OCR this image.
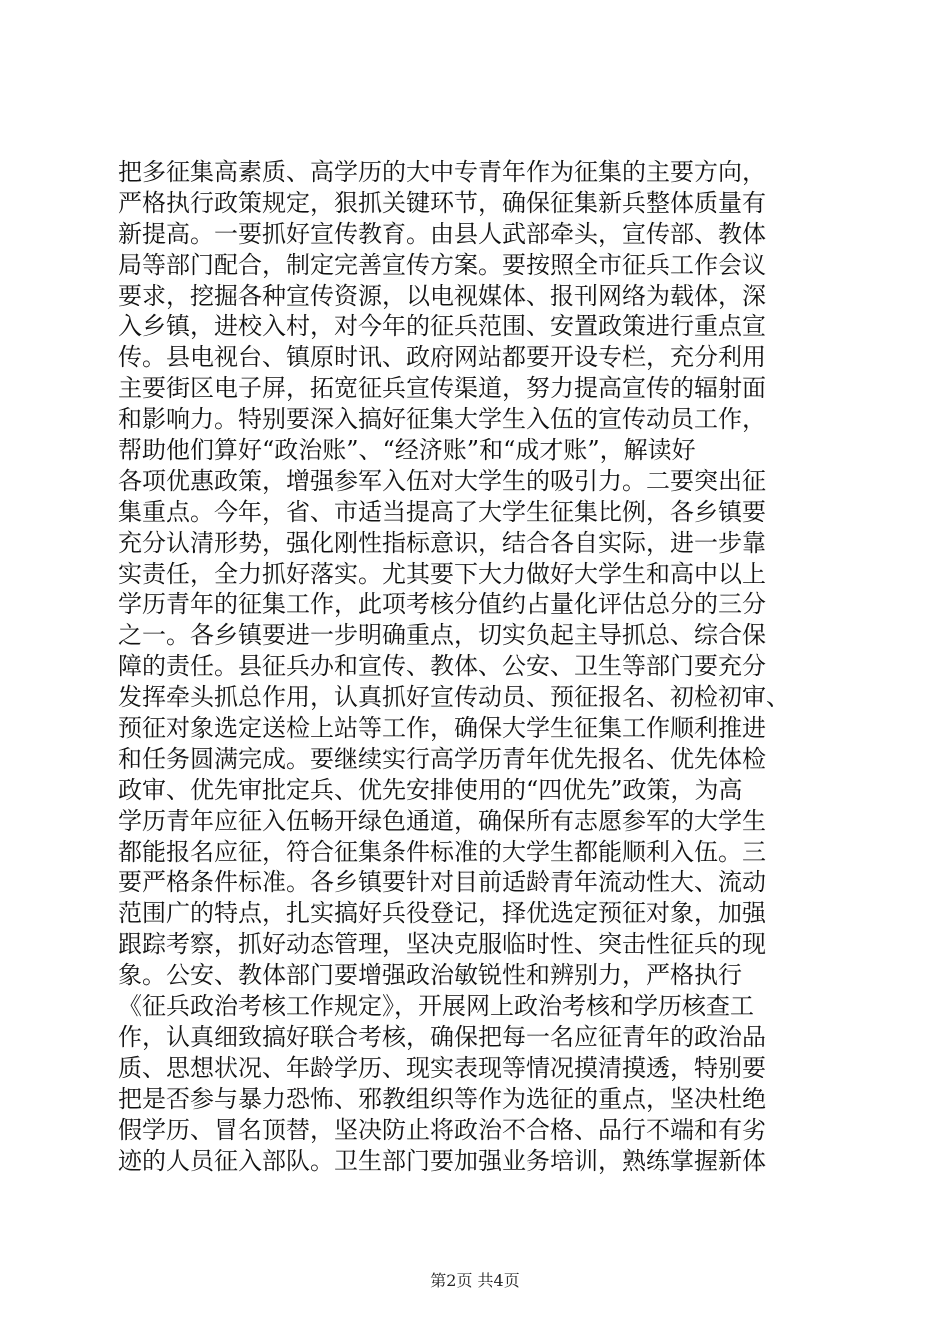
把多征集高素质、高学历的大中专青年作为征集的主要方向，
严格执行政策规定，狠抓关键环节，确保征集新兵整体质量有
新提高。一要抓好宣传教育。由县人武部牵头，宣传部、教体
局等部门配合，制定完善宣传方案。要按照全市征兵工作会议
要求，挖掘各种宣传资源，以电视媒体、报刊网络为载体，深
入乡镇，进校入村，对今年的征兵范围、安置政策进行重点宣
传。县电视台、镇原时讯、政府网站都要开设专栏，充分利用
主要街区电子屏，拓宽征兵宣传渠道，努力提高宣传的辐射面
和影响力。特别要深入搞好征集大学生入伍的宣传动员工作，
帮助他们算好“政治账”、“经济账”和“成才账”，解读好
各项优惠政策，增强参军入伍对大学生的吸引力。二要突出征
集重点。今年，省、市适当提高了大学生征集比例，各乡镇要
充分认清形势，强化刚性指标意识，结合各自实际，进一步靠
实责任，全力抓好落实。尤其要下大力做好大学生和高中以上
学历青年的征集工作，此项考核分值约占量化评估总分的三分
之一。各乡镇要进一步明确重点，切实负起主导抓总、综合保
障的责任。县征兵办和宣传、教体、公安、卫生等部门要充分
发挥牵头抓总作用，认真抓好宣传动员、预征报名、初检初审、
预征对象选定送检上站等工作，确保大学生征集工作顺利推进
和任务圆满完成。要继续实行高学历青年优先报名、优先体检
政审、优先审批定兵、优先安排使用的“四优先”政策，为高
学历青年应征入伍畅开绿色通道，确保所有志愿参军的大学生
都能报名应征，符合征集条件标准的大学生都能顺利入伍。三
要严格条件标准。各乡镇要针对目前适龄青年流动性大、流动
范围广的特点，扎实搞好兵役登记，择优选定预征对象，加强
跟踪考察，抓好动态管理，坚决克服临时性、突击性征兵的现
象。公安、教体部门要增强政治敏锐性和辨别力，严格执行
《征兵政治考核工作规定》，开展网上政治考核和学历核查工
作，认真细致搞好联合考核，确保把每一名应征青年的政治品
质、思想状况、年龄学历、现实表现等情况摸清摸透，特别要
把是否参与暴力恐怖、邪教组织等作为选征的重点，坚决杜绝
假学历、冒名顶替，坚决防止将政治不合格、品行不端和有劣
迹的人员征入部队。卫生部门要加强业务培训，熟练掌握新体
第2页 共4页
